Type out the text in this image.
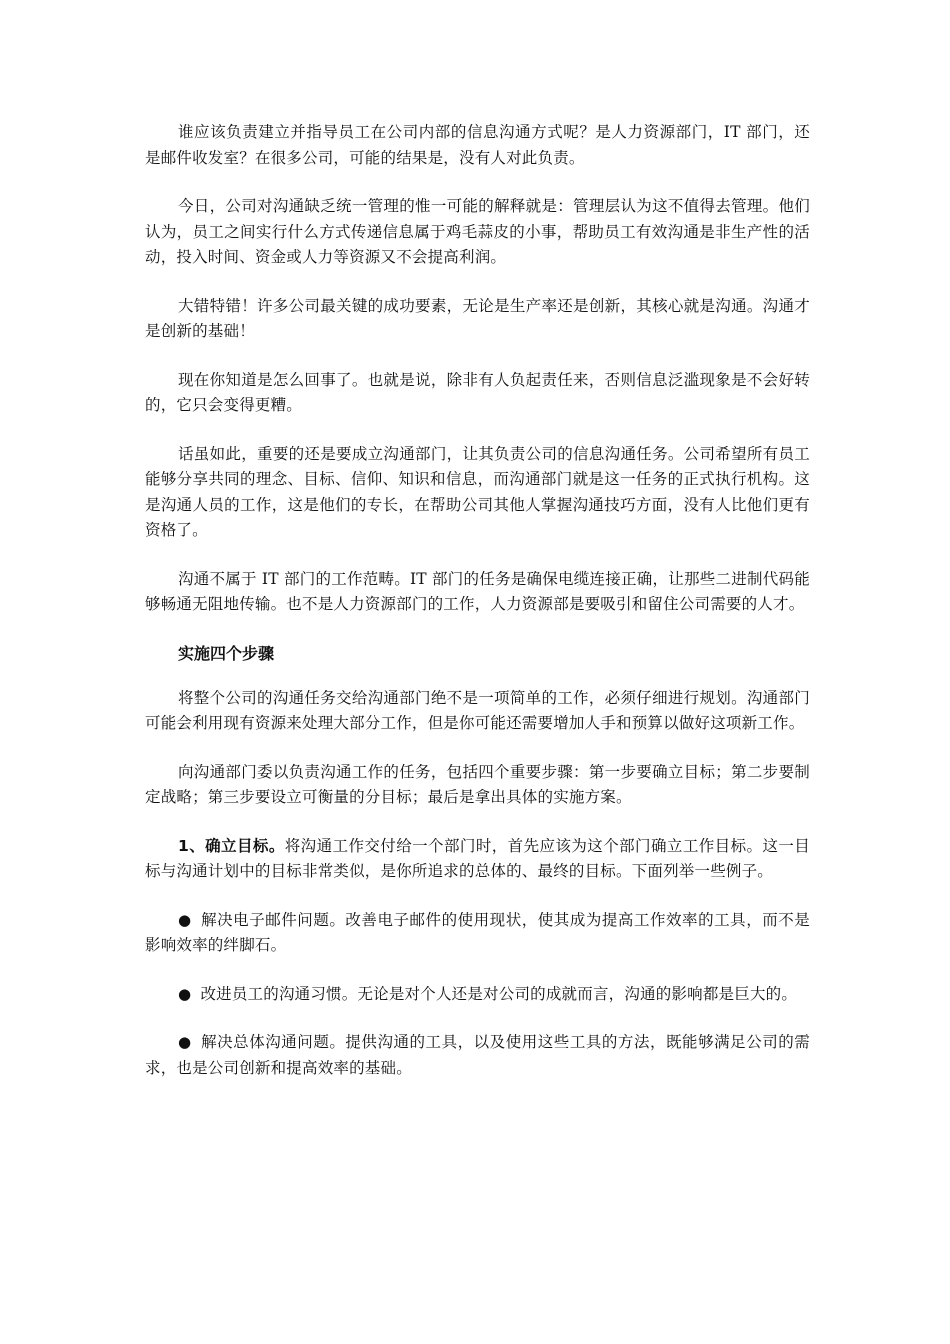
谁应该负责建立并指导员工在公司内部的信息沟通方式呢？是人力资源部门，IT 部门，还是邮件收发室？在很多公司，可能的结果是，没有人对此负责。

今日，公司对沟通缺乏统一管理的惟一可能的解释就是：管理层认为这不值得去管理。他们认为，员工之间实行什么方式传递信息属于鸡毛蒜皮的小事，帮助员工有效沟通是非生产性的活动，投入时间、资金或人力等资源又不会提高利润。

大错特错！许多公司最关键的成功要素，无论是生产率还是创新，其核心就是沟通。沟通才是创新的基础！

现在你知道是怎么回事了。也就是说，除非有人负起责任来，否则信息泛滥现象是不会好转的，它只会变得更糟。

话虽如此，重要的还是要成立沟通部门，让其负责公司的信息沟通任务。公司希望所有员工能够分享共同的理念、目标、信仰、知识和信息，而沟通部门就是这一任务的正式执行机构。这是沟通人员的工作，这是他们的专长，在帮助公司其他人掌握沟通技巧方面，没有人比他们更有资格了。

沟通不属于 IT 部门的工作范畴。IT 部门的任务是确保电缆连接正确，让那些二进制代码能够畅通无阻地传输。也不是人力资源部门的工作，人力资源部是要吸引和留住公司需要的人才。

实施四个步骤

将整个公司的沟通任务交给沟通部门绝不是一项简单的工作，必须仔细进行规划。沟通部门可能会利用现有资源来处理大部分工作，但是你可能还需要增加人手和预算以做好这项新工作。

向沟通部门委以负责沟通工作的任务，包括四个重要步骤：第一步要确立目标；第二步要制定战略；第三步要设立可衡量的分目标；最后是拿出具体的实施方案。

1、确立目标。将沟通工作交付给一个部门时，首先应该为这个部门确立工作目标。这一目标与沟通计划中的目标非常类似，是你所追求的总体的、最终的目标。下面列举一些例子。

● 解决电子邮件问题。改善电子邮件的使用现状，使其成为提高工作效率的工具，而不是影响效率的绊脚石。

● 改进员工的沟通习惯。无论是对个人还是对公司的成就而言，沟通的影响都是巨大的。

● 解决总体沟通问题。提供沟通的工具，以及使用这些工具的方法，既能够满足公司的需求，也是公司创新和提高效率的基础。
